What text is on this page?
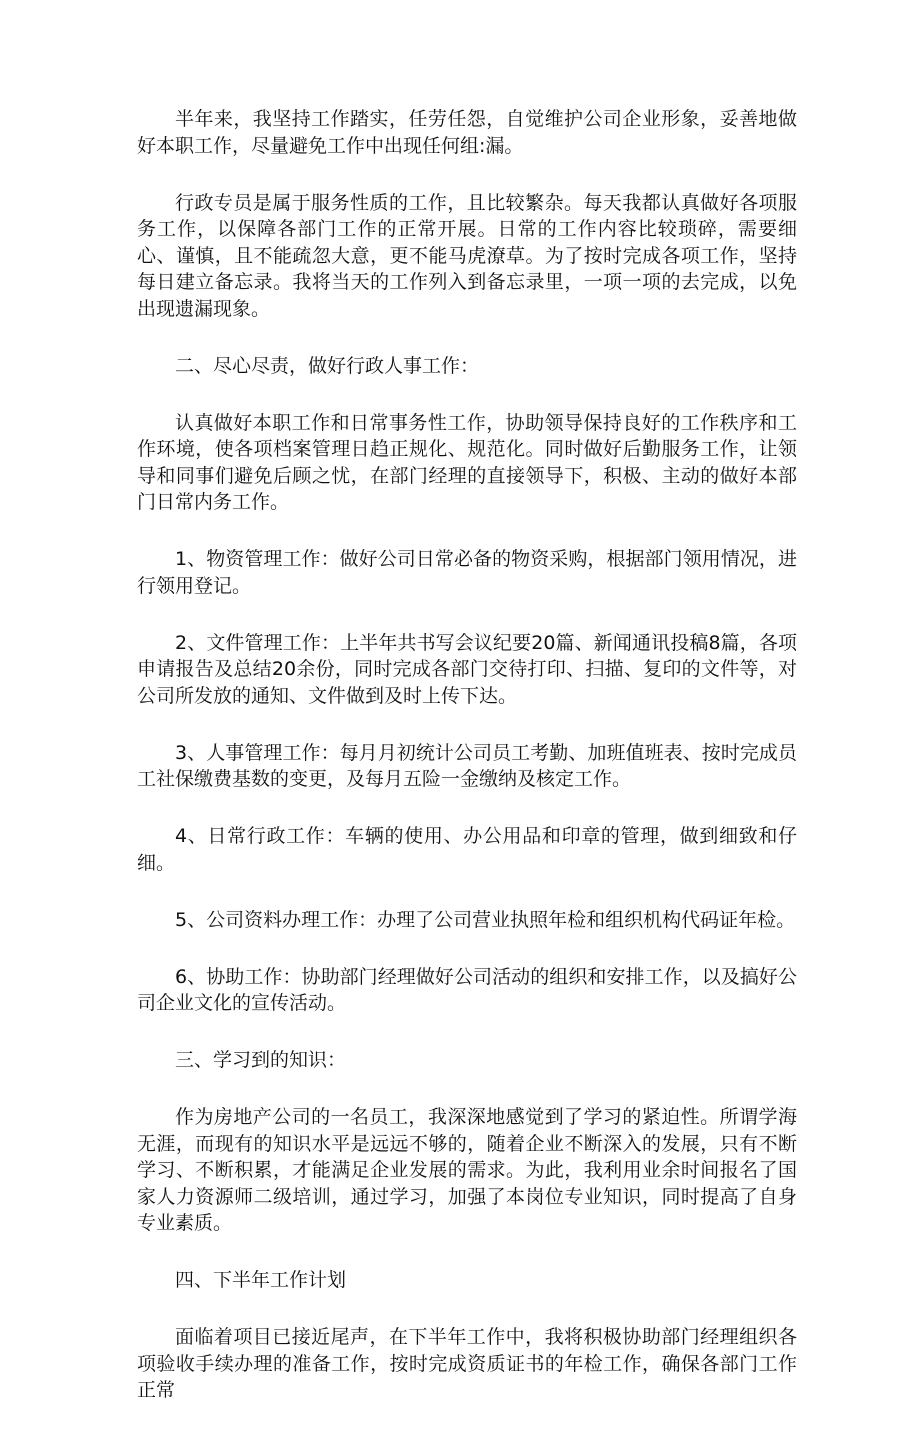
半年来，我坚持工作踏实，任劳任怨，自觉维护公司企业形象，妥善地做好本职工作，尽量避免工作中出现任何组:漏。

行政专员是属于服务性质的工作，且比较繁杂。每天我都认真做好各项服务工作，以保障各部门工作的正常开展。日常的工作内容比较琐碎，需要细心、谨慎，且不能疏忽大意，更不能马虎潦草。为了按时完成各项工作，坚持每日建立备忘录。我将当天的工作列入到备忘录里，一项一项的去完成，以免出现遗漏现象。

二、尽心尽责，做好行政人事工作：

认真做好本职工作和日常事务性工作，协助领导保持良好的工作秩序和工作环境，使各项档案管理日趋正规化、规范化。同时做好后勤服务工作，让领导和同事们避免后顾之忧，在部门经理的直接领导下，积极、主动的做好本部门日常内务工作。

1、物资管理工作：做好公司日常必备的物资采购，根据部门领用情况，进行领用登记。

2、文件管理工作：上半年共书写会议纪要20篇、新闻通讯投稿8篇，各项申请报告及总结20余份，同时完成各部门交待打印、扫描、复印的文件等，对公司所发放的通知、文件做到及时上传下达。

3、人事管理工作：每月月初统计公司员工考勤、加班值班表、按时完成员工社保缴费基数的变更，及每月五险一金缴纳及核定工作。

4、日常行政工作：车辆的使用、办公用品和印章的管理，做到细致和仔细。

5、公司资料办理工作：办理了公司营业执照年检和组织机构代码证年检。

6、协助工作：协助部门经理做好公司活动的组织和安排工作，以及搞好公司企业文化的宣传活动。

三、学习到的知识：

作为房地产公司的一名员工，我深深地感觉到了学习的紧迫性。所谓学海无涯，而现有的知识水平是远远不够的，随着企业不断深入的发展，只有不断学习、不断积累，才能满足企业发展的需求。为此，我利用业余时间报名了国家人力资源师二级培训，通过学习，加强了本岗位专业知识，同时提高了自身专业素质。

四、下半年工作计划

面临着项目已接近尾声，在下半年工作中，我将积极协助部门经理组织各项验收手续办理的准备工作，按时完成资质证书的年检工作，确保各部门工作正常
